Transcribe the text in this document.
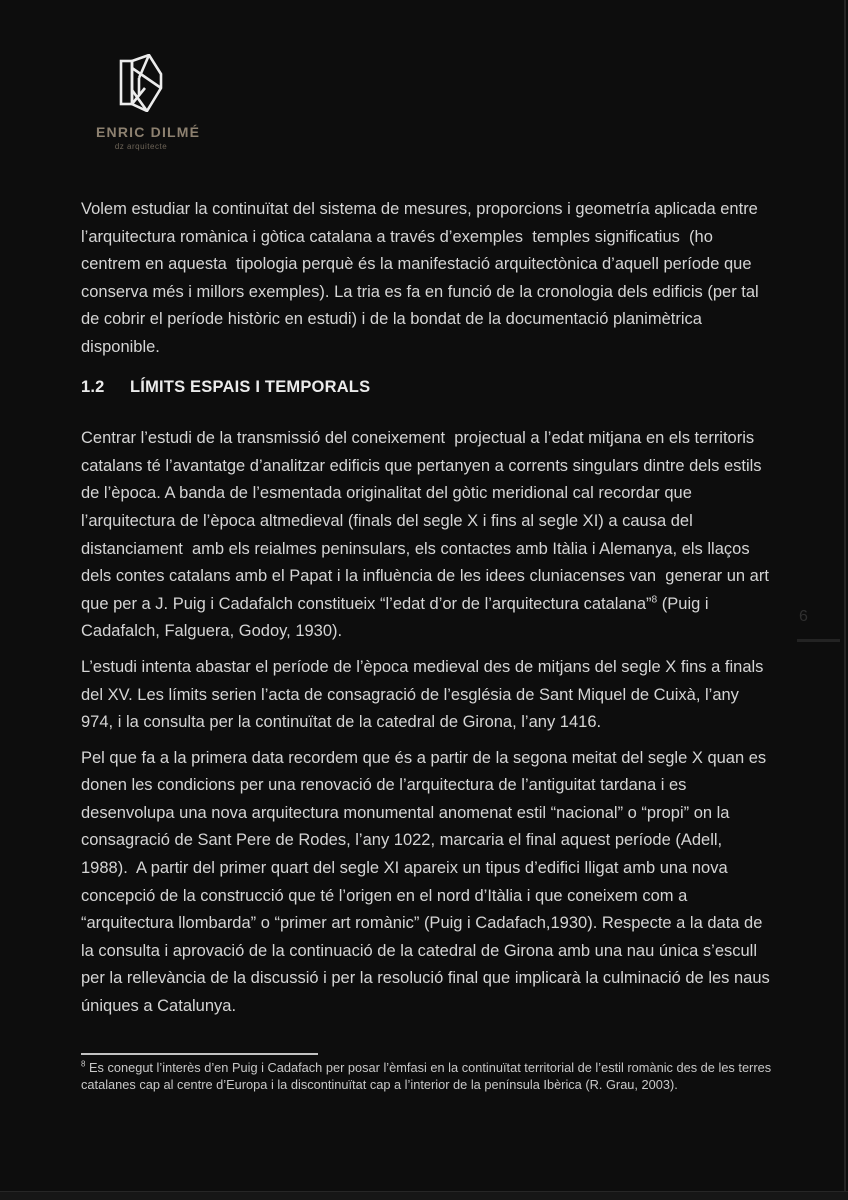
ENRIC DILMÉ
dz arquitecte

Volem estudiar la continuïtat del sistema de mesures, proporcions i geometría aplicada entre l’arquitectura romànica i gòtica catalana a través d’exemples  temples significatius  (ho centrem en aquesta  tipologia perquè és la manifestació arquitectònica d’aquell període que conserva més i millors exemples). La tria es fa en funció de la cronologia dels edificis (per tal de cobrir el període històric en estudi) i de la bondat de la documentació planimètrica disponible.

1.2	LÍMITS ESPAIS I TEMPORALS

Centrar l’estudi de la transmissió del coneixement  projectual a l’edat mitjana en els territoris catalans té l’avantatge d’analitzar edificis que pertanyen a corrents singulars dintre dels estils de l’època. A banda de l’esmentada originalitat del gòtic meridional cal recordar que l’arquitectura de l’època altmedieval (finals del segle X i fins al segle XI) a causa del distanciament  amb els reialmes peninsulars, els contactes amb Itàlia i Alemanya, els llaços dels contes catalans amb el Papat i la influència de les idees cluniacenses van  generar un art que per a J. Puig i Cadafalch constitueix “l’edat d’or de l’arquitectura catalana”$^8$ (Puig i Cadafalch, Falguera, Godoy, 1930).

L’estudi intenta abastar el període de l’època medieval des de mitjans del segle X fins a finals del XV. Les límits serien l’acta de consagració de l’església de Sant Miquel de Cuixà, l’any 974, i la consulta per la continuïtat de la catedral de Girona, l’any 1416.

Pel que fa a la primera data recordem que és a partir de la segona meitat del segle X quan es donen les condicions per una renovació de l’arquitectura de l’antiguitat tardana i es desenvolupa una nova arquitectura monumental anomenat estil “nacional” o “propi” on la consagració de Sant Pere de Rodes, l’any 1022, marcaria el final aquest període (Adell, 1988).  A partir del primer quart del segle XI apareix un tipus d’edifici lligat amb una nova concepció de la construcció que té l’origen en el nord d’Itàlia i que coneixem com a “arquitectura llombarda” o “primer art romànic” (Puig i Cadafach,1930). Respecte a la data de la consulta i aprovació de la continuació de la catedral de Girona amb una nau única s’escull per la rellevància de la discussió i per la resolució final que implicarà la culminació de les naus úniques a Catalunya.

$^8$ Es conegut l’interès d’en Puig i Cadafach per posar l’èmfasi en la continuïtat territorial de l’estil romànic des de les terres catalanes cap al centre d’Europa i la discontinuïtat cap a l’interior de la península Ibèrica (R. Grau, 2003).
6
